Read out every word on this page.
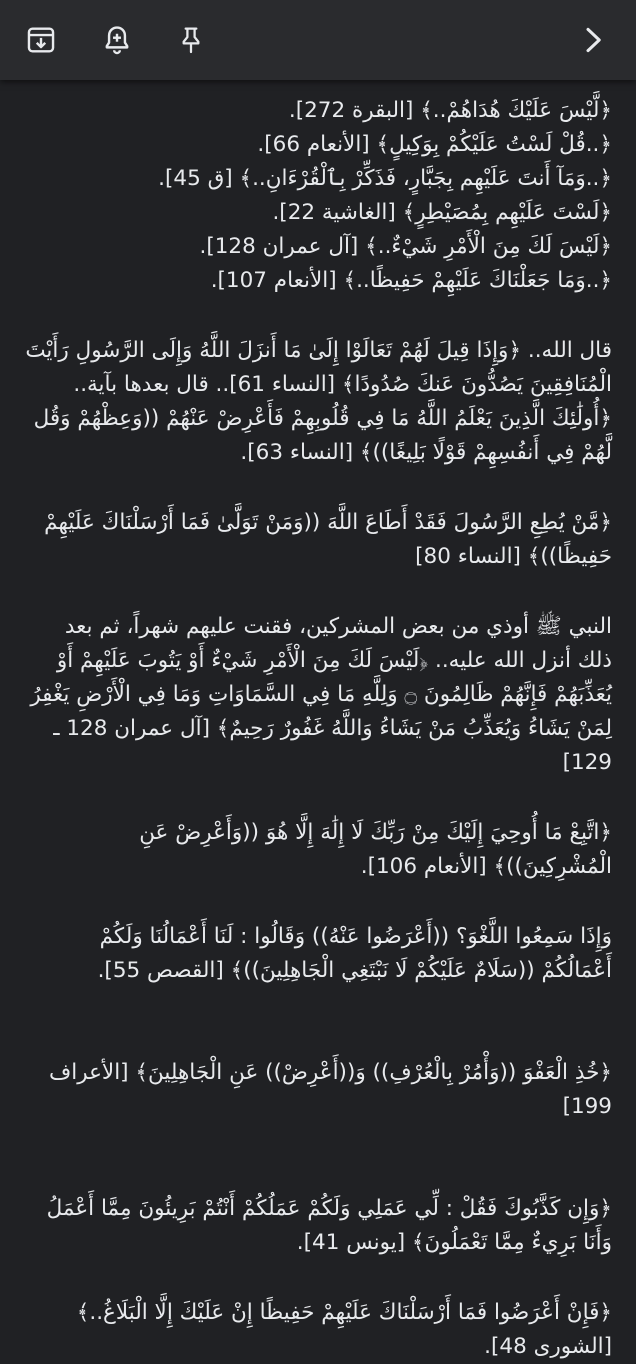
﴿لَّيْسَ عَلَيْكَ هُدَاهُمْ..﴾ [البقرة 272].
﴿..قُلْ لَسْتُ عَلَيْكُمْ بِوَكِيلٍ﴾ [الأنعام 66].
﴿..وَمَآ أَنتَ عَلَيْهِم بِجَبَّارٍ، فَذَكِّرْ بِٱلْقُرْءَانِ..﴾ [ق 45].
﴿لَسْتَ عَلَيْهِم بِمُصَيْطِرٍ﴾ [الغاشية 22].
﴿لَيْسَ لَكَ مِنَ الْأَمْرِ شَيْءٌ..﴾ [آل عمران 128].
﴿..وَمَا جَعَلْنَاكَ عَلَيْهِمْ حَفِيظًا..﴾ [الأنعام 107].

قال الله.. ﴿وَإِذَا قِيلَ لَهُمْ تَعَالَوْا إِلَىٰ مَا أَنزَلَ اللَّهُ وَإِلَى الرَّسُولِ رَأَيْتَ الْمُنَافِقِينَ يَصُدُّونَ عَنكَ صُدُودًا﴾ [النساء 61].. قال بعدها بآية.. ﴿أُولَٰئِكَ الَّذِينَ يَعْلَمُ اللَّهُ مَا فِي قُلُوبِهِمْ فَأَعْرِضْ عَنْهُمْ ((وَعِظْهُمْ وَقُل لَّهُمْ فِي أَنفُسِهِمْ قَوْلًا بَلِيغًا))﴾ [النساء 63].

﴿مَّنْ يُطِعِ الرَّسُولَ فَقَدْ أَطَاعَ اللَّهَ ((وَمَنْ تَوَلَّىٰ فَمَا أَرْسَلْنَاكَ عَلَيْهِمْ حَفِيظًا))﴾ [النساء 80]

النبي ﷺ أوذي من بعض المشركين، فقنت عليهم شهراً، ثم بعد ذلك أنزل الله عليه.. ﴿لَيْسَ لَكَ مِنَ الْأَمْرِ شَيْءٌ أَوْ يَتُوبَ عَلَيْهِمْ أَوْ يُعَذِّبَهُمْ فَإِنَّهُمْ ظَالِمُونَ ۝ وَلِلَّهِ مَا فِي السَّمَاوَاتِ وَمَا فِي الْأَرْضِ يَغْفِرُ لِمَنْ يَشَاءُ وَيُعَذِّبُ مَنْ يَشَاءُ وَاللَّهُ غَفُورٌ رَحِيمٌ﴾ [آل عمران 128 ـ 129]

﴿اتَّبِعْ مَا أُوحِيَ إِلَيْكَ مِنْ رَبِّكَ لَا إِلَٰهَ إِلَّا هُوَ ((وَأَعْرِضْ عَنِ الْمُشْرِكِينَ))﴾ [الأنعام 106].

وَإِذَا سَمِعُوا اللَّغْوَ؟ ((أَعْرَضُوا عَنْهُ)) وَقَالُوا : لَنَا أَعْمَالُنَا وَلَكُمْ أَعْمَالُكُمْ ((سَلَامٌ عَلَيْكُمْ لَا نَبْتَغِي الْجَاهِلِينَ))﴾ [القصص 55].

﴿خُذِ الْعَفْوَ ((وَأْمُرْ بِالْعُرْفِ)) وَ((أَعْرِضْ)) عَنِ الْجَاهِلِينَ﴾ [الأعراف 199]

﴿وَإِن كَذَّبُوكَ فَقُلْ : لِّي عَمَلِي وَلَكُمْ عَمَلُكُمْ أَنْتُمْ بَرِيئُونَ مِمَّا أَعْمَلُ وَأَنَا بَرِيءٌ مِمَّا تَعْمَلُونَ﴾ [يونس 41].

﴿فَإِنْ أَعْرَضُوا فَمَا أَرْسَلْنَاكَ عَلَيْهِمْ حَفِيظًا إِنْ عَلَيْكَ إِلَّا الْبَلَاغُ..﴾ [الشورى 48].
